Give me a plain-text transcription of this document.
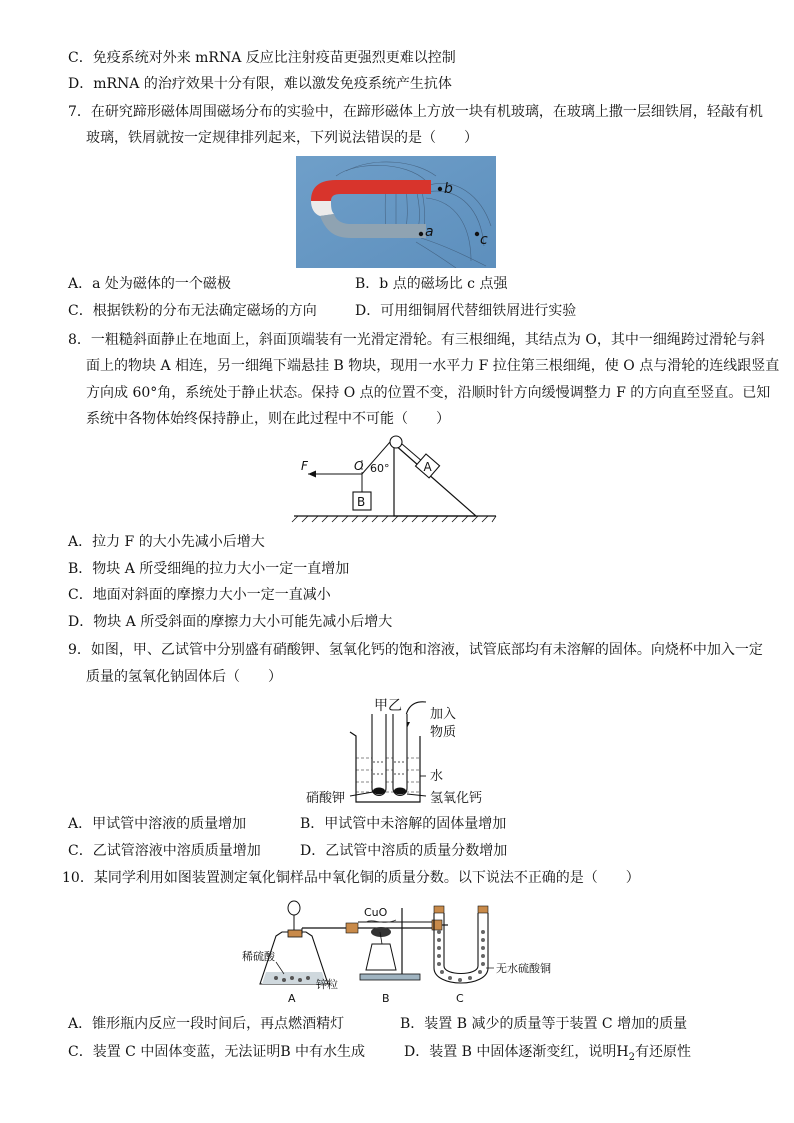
C．免疫系统对外来 mRNA 反应比注射疫苗更强烈更难以控制
D．mRNA 的治疗效果十分有限，难以激发免疫系统产生抗体
7．在研究蹄形磁体周围磁场分布的实验中，在蹄形磁体上方放一块有机玻璃，在玻璃上撒一层细铁屑，轻敲有机
玻璃，铁屑就按一定规律排列起来，下列说法错误的是（　　）
b
a	c
A．a 处为磁体的一个磁极	B．b 点的磁场比 c 点强
C．根据铁粉的分布无法确定磁场的方向	D．可用细铜屑代替细铁屑进行实验
8．一粗糙斜面静止在地面上，斜面顶端装有一光滑定滑轮。有三根细绳，其结点为 O，其中一细绳跨过滑轮与斜
面上的物块 A 相连，另一细绳下端悬挂 B 物块，现用一水平力 F 拉住第三根细绳，使 O 点与滑轮的连线跟竖直
方向成 60°角，系统处于静止状态。保持 O 点的位置不变，沿顺时针方向缓慢调整力 F 的方向直至竖直。已知
系统中各物体始终保持静止，则在此过程中不可能（　　）
A
B
F	O 60°
A．拉力 F 的大小先减小后增大
B．物块 A 所受细绳的拉力大小一定一直增加
C．地面对斜面的摩擦力大小一定一直减小
D．物块 A 所受斜面的摩擦力大小可能先减小后增大
9．如图，甲、乙试管中分别盛有硝酸钾、氢氧化钙的饱和溶液，试管底部均有未溶解的固体。向烧杯中加入一定
质量的氢氧化钠固体后（　　）
甲乙
加入
物质
水
氢氧化钙
硝酸钾
A．甲试管中溶液的质量增加	B．甲试管中未溶解的固体量增加
C．乙试管溶液中溶质质量增加	D．乙试管中溶质的质量分数增加
10．某同学利用如图装置测定氧化铜样品中氧化铜的质量分数。以下说法不正确的是（　　）
稀硫酸
锌粒
A
CuO
B
无水硫酸铜
C
A．锥形瓶内反应一段时间后，再点燃酒精灯	B．装置 B 减少的质量等于装置 C 增加的质量
C．装置 C 中固体变蓝，无法证明B 中有水生成	D．装置 B 中固体逐渐变红，说明$H_2$有还原性
